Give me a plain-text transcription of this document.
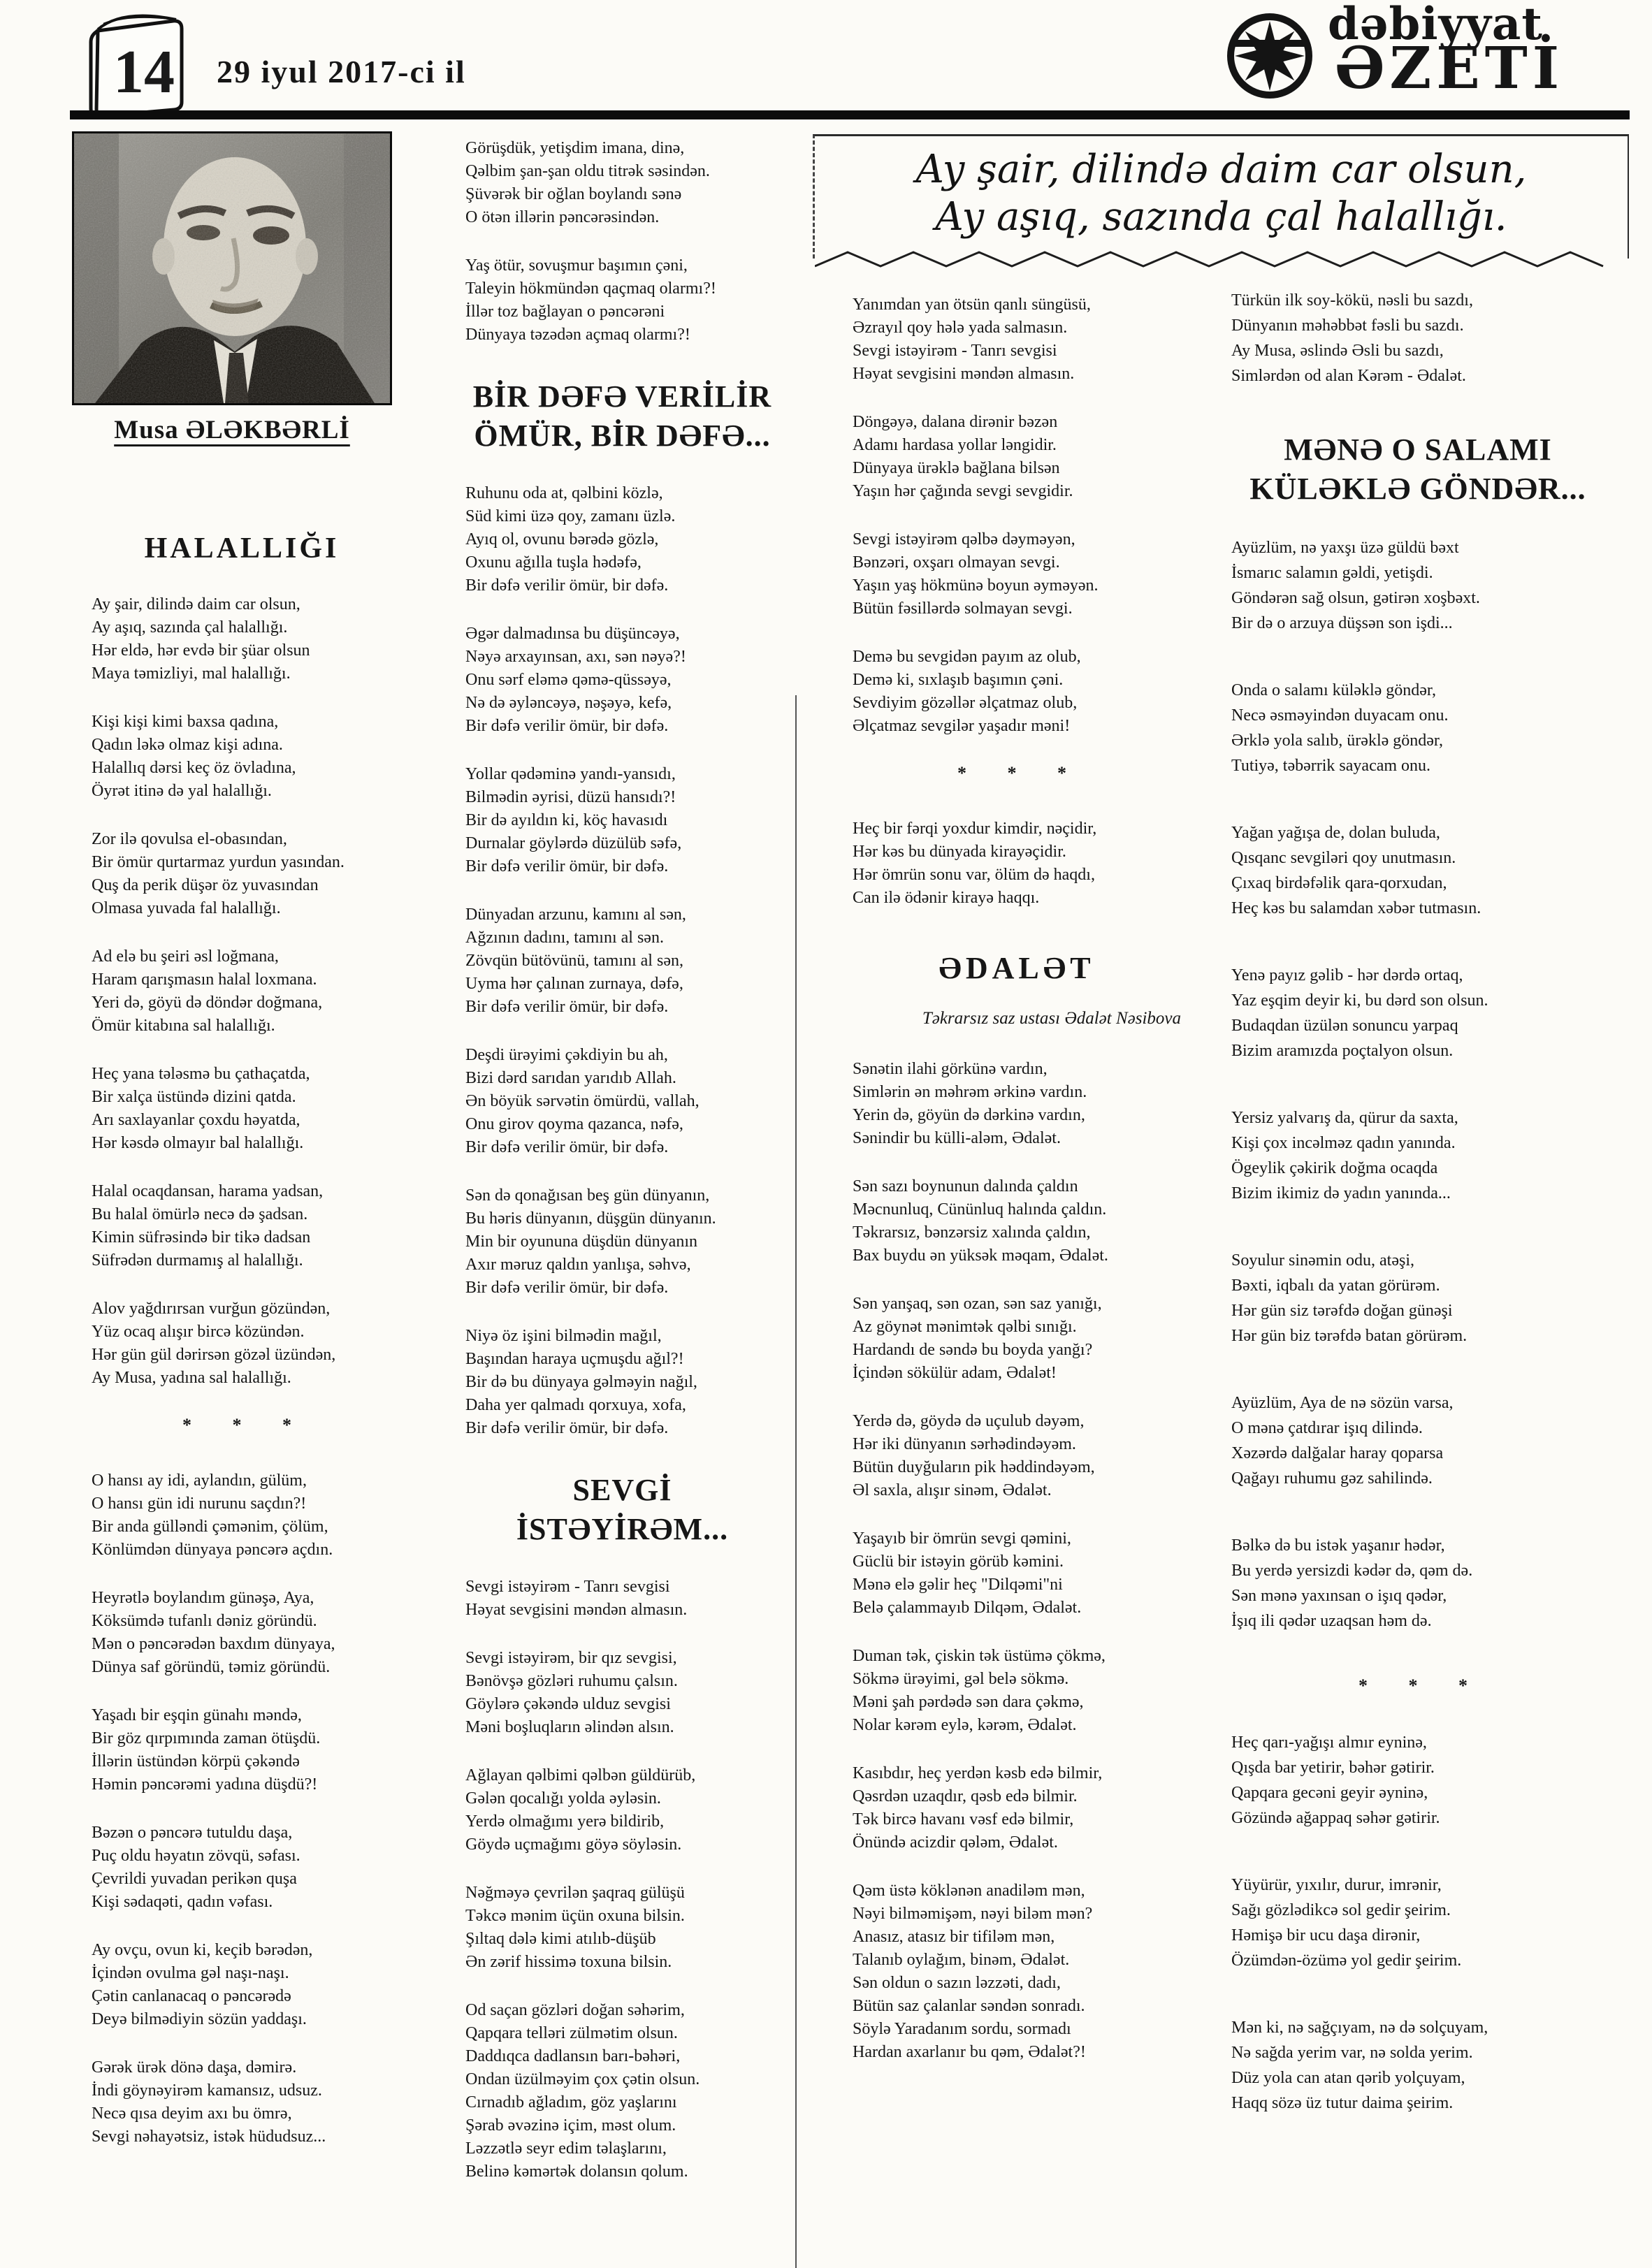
14 29 iyul 2017-ci il
dəbiyyat
ƏZETİ
Ay şair, dilində daim car olsun,
Ay aşıq, sazında çal halallığı.
Musa ƏLƏKBƏRLİ
HALALLIĞI
Ay şair, dilində daim car olsun,
Ay aşıq, sazında çal halallığı.
Hər eldə, hər evdə bir şüar olsun
Maya təmizliyi, mal halallığı.
Kişi kişi kimi baxsa qadına,
Qadın ləkə olmaz kişi adına.
Halallıq dərsi keç öz övladına,
Öyrət itinə də yal halallığı.
Zor ilə qovulsa el-obasından,
Bir ömür qurtarmaz yurdun yasından.
Quş da perik düşər öz yuvasından
Olmasa yuvada fal halallığı.
Ad elə bu şeiri əsl loğmana,
Haram qarışmasın halal loxmana.
Yeri də, göyü də döndər doğmana,
Ömür kitabına sal halallığı.
Heç yana tələsmə bu çathaçatda,
Bir xalça üstündə dizini qatda.
Arı saxlayanlar çoxdu həyatda,
Hər kəsdə olmayır bal halallığı.
Halal ocaqdansan, harama yadsan,
Bu halal ömürlə necə də şadsan.
Kimin süfrəsində bir tikə dadsan
Süfrədən durmamış al halallığı.
Alov yağdırırsan vurğun gözündən,
Yüz ocaq alışır bircə közündən.
Hər gün gül dərirsən gözəl üzündən,
Ay Musa, yadına sal halallığı.
* * *
O hansı ay idi, aylandın, gülüm,
O hansı gün idi nurunu saçdın?!
Bir anda gülləndi çəmənim, çölüm,
Könlümdən dünyaya pəncərə açdın.
Heyrətlə boylandım günəşə, Aya,
Köksümdə tufanlı dəniz göründü.
Mən o pəncərədən baxdım dünyaya,
Dünya saf göründü, təmiz göründü.
Yaşadı bir eşqin günahı məndə,
Bir göz qırpımında zaman ötüşdü.
İllərin üstündən körpü çəkəndə
Həmin pəncərəmi yadına düşdü?!
Bəzən o pəncərə tutuldu daşa,
Puç oldu həyatın zövqü, səfası.
Çevrildi yuvadan perikən quşa
Kişi sədaqəti, qadın vəfası.
Ay ovçu, ovun ki, keçib bərədən,
İçindən ovulma gəl naşı-naşı.
Çətin canlanacaq o pəncərədə
Deyə bilmədiyin sözün yaddaşı.
Gərək ürək dönə daşa, dəmirə.
İndi göynəyirəm kamansız, udsuz.
Necə qısa deyim axı bu ömrə,
Sevgi nəhayətsiz, istək hüdudsuz...
Görüşdük, yetişdim imana, dinə,
Qəlbim şan-şan oldu titrək səsindən.
Şüvərək bir oğlan boylandı sənə
O ötən illərin pəncərəsindən.
Yaş ötür, sovuşmur başımın çəni,
Taleyin hökmündən qaçmaq olarmı?!
İllər toz bağlayan o pəncərəni
Dünyaya təzədən açmaq olarmı?!
BİR DƏFƏ VERİLİR
ÖMÜR, BİR DƏFƏ...
Ruhunu oda at, qəlbini közlə,
Süd kimi üzə qoy, zamanı üzlə.
Ayıq ol, ovunu bərədə gözlə,
Oxunu ağılla tuşla hədəfə,
Bir dəfə verilir ömür, bir dəfə.
Əgər dalmadınsa bu düşüncəyə,
Nəyə arxayınsan, axı, sən nəyə?!
Onu sərf eləmə qəmə-qüssəyə,
Nə də əyləncəyə, nəşəyə, kefə,
Bir dəfə verilir ömür, bir dəfə.
Yollar qədəminə yandı-yansıdı,
Bilmədin əyrisi, düzü hansıdı?!
Bir də ayıldın ki, köç havasıdı
Durnalar göylərdə düzülüb səfə,
Bir dəfə verilir ömür, bir dəfə.
Dünyadan arzunu, kamını al sən,
Ağzının dadını, tamını al sən.
Zövqün bütövünü, tamını al sən,
Uyma hər çalınan zurnaya, dəfə,
Bir dəfə verilir ömür, bir dəfə.
Deşdi ürəyimi çəkdiyin bu ah,
Bizi dərd sarıdan yarıdıb Allah.
Ən böyük sərvətin ömürdü, vallah,
Onu girov qoyma qazanca, nəfə,
Bir dəfə verilir ömür, bir dəfə.
Sən də qonağısan beş gün dünyanın,
Bu həris dünyanın, düşgün dünyanın.
Min bir oyununa düşdün dünyanın
Axır məruz qaldın yanlışa, səhvə,
Bir dəfə verilir ömür, bir dəfə.
Niyə öz işini bilmədin mağıl,
Başından haraya uçmuşdu ağıl?!
Bir də bu dünyaya gəlməyin nağıl,
Daha yer qalmadı qorxuya, xofa,
Bir dəfə verilir ömür, bir dəfə.
SEVGİ İSTƏYİRƏM...
Sevgi istəyirəm - Tanrı sevgisi
Həyat sevgisini məndən almasın.
Sevgi istəyirəm, bir qız sevgisi,
Bənövşə gözləri ruhumu çalsın.
Göylərə çəkəndə ulduz sevgisi
Məni boşluqların əlindən alsın.
Ağlayan qəlbimi qəlbən güldürüb,
Gələn qocalığı yolda əyləsin.
Yerdə olmağımı yerə bildirib,
Göydə uçmağımı göyə söyləsin.
Nəğməyə çevrilən şaqraq gülüşü
Təkcə mənim üçün oxuna bilsin.
Şıltaq dələ kimi atılıb-düşüb
Ən zərif hissimə toxuna bilsin.
Od saçan gözləri doğan səhərim,
Qapqara telləri zülmətim olsun.
Daddıqca dadlansın barı-bəhəri,
Ondan üzülməyim çox çətin olsun.
Cırnadıb ağladım, göz yaşlarını
Şərab əvəzinə içim, məst olum.
Ləzzətlə seyr edim təlaşlarını,
Belinə kəmərtək dolansın qolum.
Yanımdan yan ötsün qanlı süngüsü,
Əzrayıl qoy hələ yada salmasın.
Sevgi istəyirəm - Tanrı sevgisi
Həyat sevgisini məndən almasın.
Döngəyə, dalana dirənir bəzən
Adamı hardasa yollar ləngidir.
Dünyaya ürəklə bağlana bilsən
Yaşın hər çağında sevgi sevgidir.
Sevgi istəyirəm qəlbə dəyməyən,
Bənzəri, oxşarı olmayan sevgi.
Yaşın yaş hökmünə boyun əyməyən.
Bütün fəsillərdə solmayan sevgi.
Demə bu sevgidən payım az olub,
Demə ki, sıxlaşıb başımın çəni.
Sevdiyim gözəllər əlçatmaz olub,
Əlçatmaz sevgilər yaşadır məni!
* * *
Heç bir fərqi yoxdur kimdir, nəçidir,
Hər kəs bu dünyada kirayəçidir.
Hər ömrün sonu var, ölüm də haqdı,
Can ilə ödənir kirayə haqqı.
ƏDALƏT
Təkrarsız saz ustası Ədalət Nəsibova
Sənətin ilahi görkünə vardın,
Simlərin ən məhrəm ərkinə vardın.
Yerin də, göyün də dərkinə vardın,
Sənindir bu külli-aləm, Ədalət.
Sən sazı boynunun dalında çaldın
Məcnunluq, Cününluq halında çaldın.
Təkrarsız, bənzərsiz xalında çaldın,
Bax buydu ən yüksək məqam, Ədalət.
Sən yanşaq, sən ozan, sən saz yanığı,
Az göynət mənimtək qəlbi sınığı.
Hardandı de səndə bu boyda yanğı?
İçindən sökülür adam, Ədalət!
Yerdə də, göydə də uçulub dəyəm,
Hər iki dünyanın sərhədindəyəm.
Bütün duyğuların pik həddindəyəm,
Əl saxla, alışır sinəm, Ədalət.
Yaşayıb bir ömrün sevgi qəmini,
Güclü bir istəyin görüb kəmini.
Mənə elə gəlir heç "Dilqəmi"ni
Belə çalammayıb Dilqəm, Ədalət.
Duman tək, çiskin tək üstümə çökmə,
Sökmə ürəyimi, gəl belə sökmə.
Məni şah pərdədə sən dara çəkmə,
Nolar kərəm eylə, kərəm, Ədalət.
Kasıbdır, heç yerdən kəsb edə bilmir,
Qəsrdən uzaqdır, qəsb edə bilmir.
Tək bircə havanı vəsf edə bilmir,
Önündə acizdir qələm, Ədalət.
Qəm üstə köklənən anadiləm mən,
Nəyi bilməmişəm, nəyi biləm mən?
Anasız, atasız bir tifiləm mən,
Talanıb oylağım, binəm, Ədalət.
Sən oldun o sazın ləzzəti, dadı,
Bütün saz çalanlar səndən sonradı.
Söylə Yaradanım sordu, sormadı
Hardan axarlanır bu qəm, Ədalət?!
Türkün ilk soy-kökü, nəsli bu sazdı,
Dünyanın məhəbbət fəsli bu sazdı.
Ay Musa, əslində Əsli bu sazdı,
Simlərdən od alan Kərəm - Ədalət.
MƏNƏ O SALAMI
KÜLƏKLƏ GÖNDƏR...
Ayüzlüm, nə yaxşı üzə güldü bəxt
İsmarıc salamın gəldi, yetişdi.
Göndərən sağ olsun, gətirən xoşbəxt.
Bir də o arzuya düşsən son işdi...
Onda o salamı küləklə göndər,
Necə əsməyindən duyacam onu.
Ərklə yola salıb, ürəklə göndər,
Tutiyə, təbərrik sayacam onu.
Yağan yağışa de, dolan buluda,
Qısqanc sevgiləri qoy unutmasın.
Çıxaq birdəfəlik qara-qorxudan,
Heç kəs bu salamdan xəbər tutmasın.
Yenə payız gəlib - hər dərdə ortaq,
Yaz eşqim deyir ki, bu dərd son olsun.
Budaqdan üzülən sonuncu yarpaq
Bizim aramızda poçtalyon olsun.
Yersiz yalvarış da, qürur da saxta,
Kişi çox incəlməz qadın yanında.
Ögeylik çəkirik doğma ocaqda
Bizim ikimiz də yadın yanında...
Soyulur sinəmin odu, atəşi,
Bəxti, iqbalı da yatan görürəm.
Hər gün siz tərəfdə doğan günəşi
Hər gün biz tərəfdə batan görürəm.
Ayüzlüm, Aya de nə sözün varsa,
O mənə çatdırar işıq dilində.
Xəzərdə dalğalar haray qoparsa
Qağayı ruhumu gəz sahilində.
Bəlkə də bu istək yaşanır hədər,
Bu yerdə yersizdi kədər də, qəm də.
Sən mənə yaxınsan o işıq qədər,
İşıq ili qədər uzaqsan həm də.
* * *
Heç qarı-yağışı almır eyninə,
Qışda bar yetirir, bəhər gətirir.
Qapqara gecəni geyir əyninə,
Gözündə ağappaq səhər gətirir.
Yüyürür, yıxılır, durur, imrənir,
Sağı gözlədikcə sol gedir şeirim.
Həmişə bir ucu daşa dirənir,
Özümdən-özümə yol gedir şeirim.
Mən ki, nə sağçıyam, nə də solçuyam,
Nə sağda yerim var, nə solda yerim.
Düz yola can atan qərib yolçuyam,
Haqq sözə üz tutur daima şeirim.
